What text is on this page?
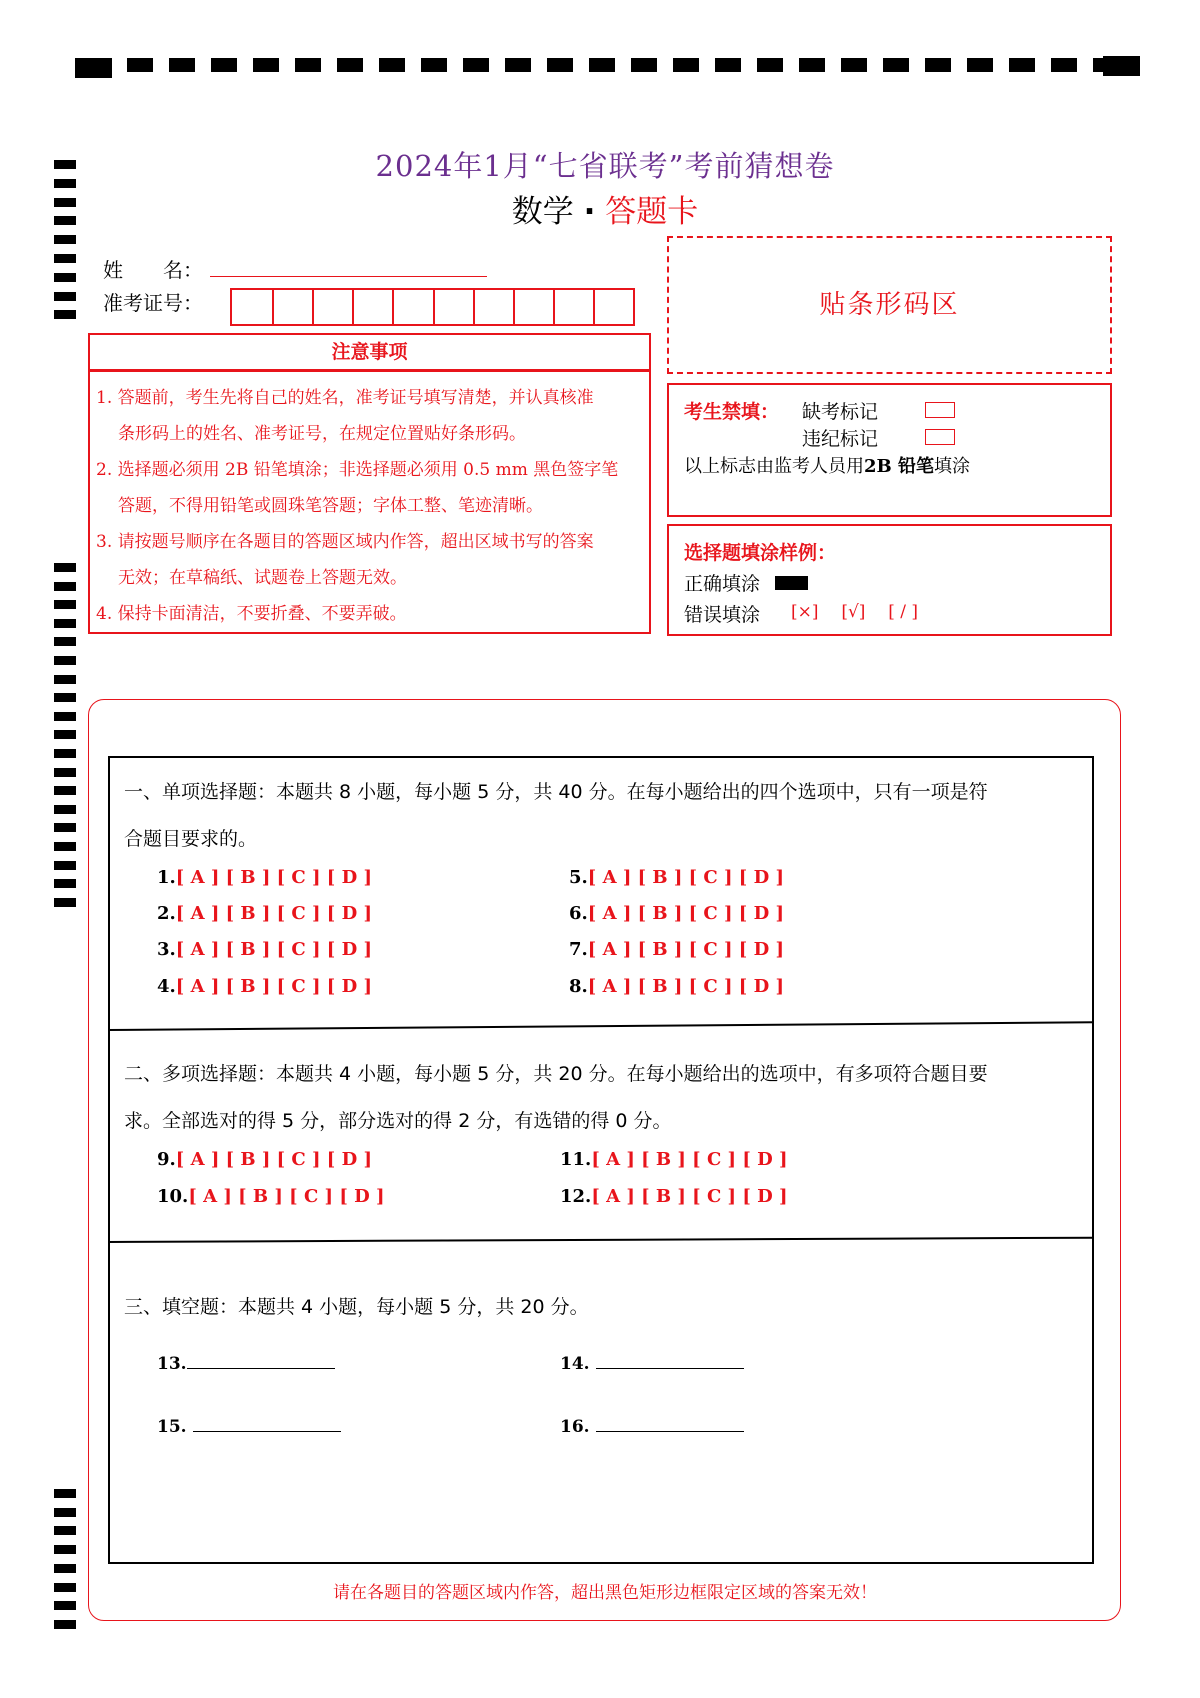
2024年1月“七省联考”考前猜想卷
数学 · 答题卡
姓　　名：
准考证号：
注意事项
1. 答题前，考生先将自己的姓名，准考证号填写清楚，并认真核准
条形码上的姓名、准考证号，在规定位置贴好条形码。
2. 选择题必须用 2B 铅笔填涂；非选择题必须用 0.5 mm 黑色签字笔
答题，不得用铅笔或圆珠笔答题；字体工整、笔迹清晰。
3. 请按题号顺序在各题目的答题区域内作答，超出区域书写的答案
无效；在草稿纸、试题卷上答题无效。
4. 保持卡面清洁，不要折叠、不要弄破。
贴条形码区
考生禁填： 缺考标记
违纪标记
以上标志由监考人员用2B 铅笔填涂
选择题填涂样例：
正确填涂
错误填涂 [×] [√] [ / ]
一、单项选择题：本题共 8 小题，每小题 5 分，共 40 分。在每小题给出的四个选项中，只有一项是符
合题目要求的。
1.[ A ] [ B ] [ C ] [ D ]
2.[ A ] [ B ] [ C ] [ D ]
3.[ A ] [ B ] [ C ] [ D ]
4.[ A ] [ B ] [ C ] [ D ]
5.[ A ] [ B ] [ C ] [ D ]
6.[ A ] [ B ] [ C ] [ D ]
7.[ A ] [ B ] [ C ] [ D ]
8.[ A ] [ B ] [ C ] [ D ]
二、多项选择题：本题共 4 小题，每小题 5 分，共 20 分。在每小题给出的选项中，有多项符合题目要
求。全部选对的得 5 分，部分选对的得 2 分，有选错的得 0 分。
9.[ A ] [ B ] [ C ] [ D ]
10.[ A ] [ B ] [ C ] [ D ]
11.[ A ] [ B ] [ C ] [ D ]
12.[ A ] [ B ] [ C ] [ D ]
三、填空题：本题共 4 小题，每小题 5 分，共 20 分。
13.	14.
15.	16.
请在各题目的答题区域内作答，超出黑色矩形边框限定区域的答案无效！
